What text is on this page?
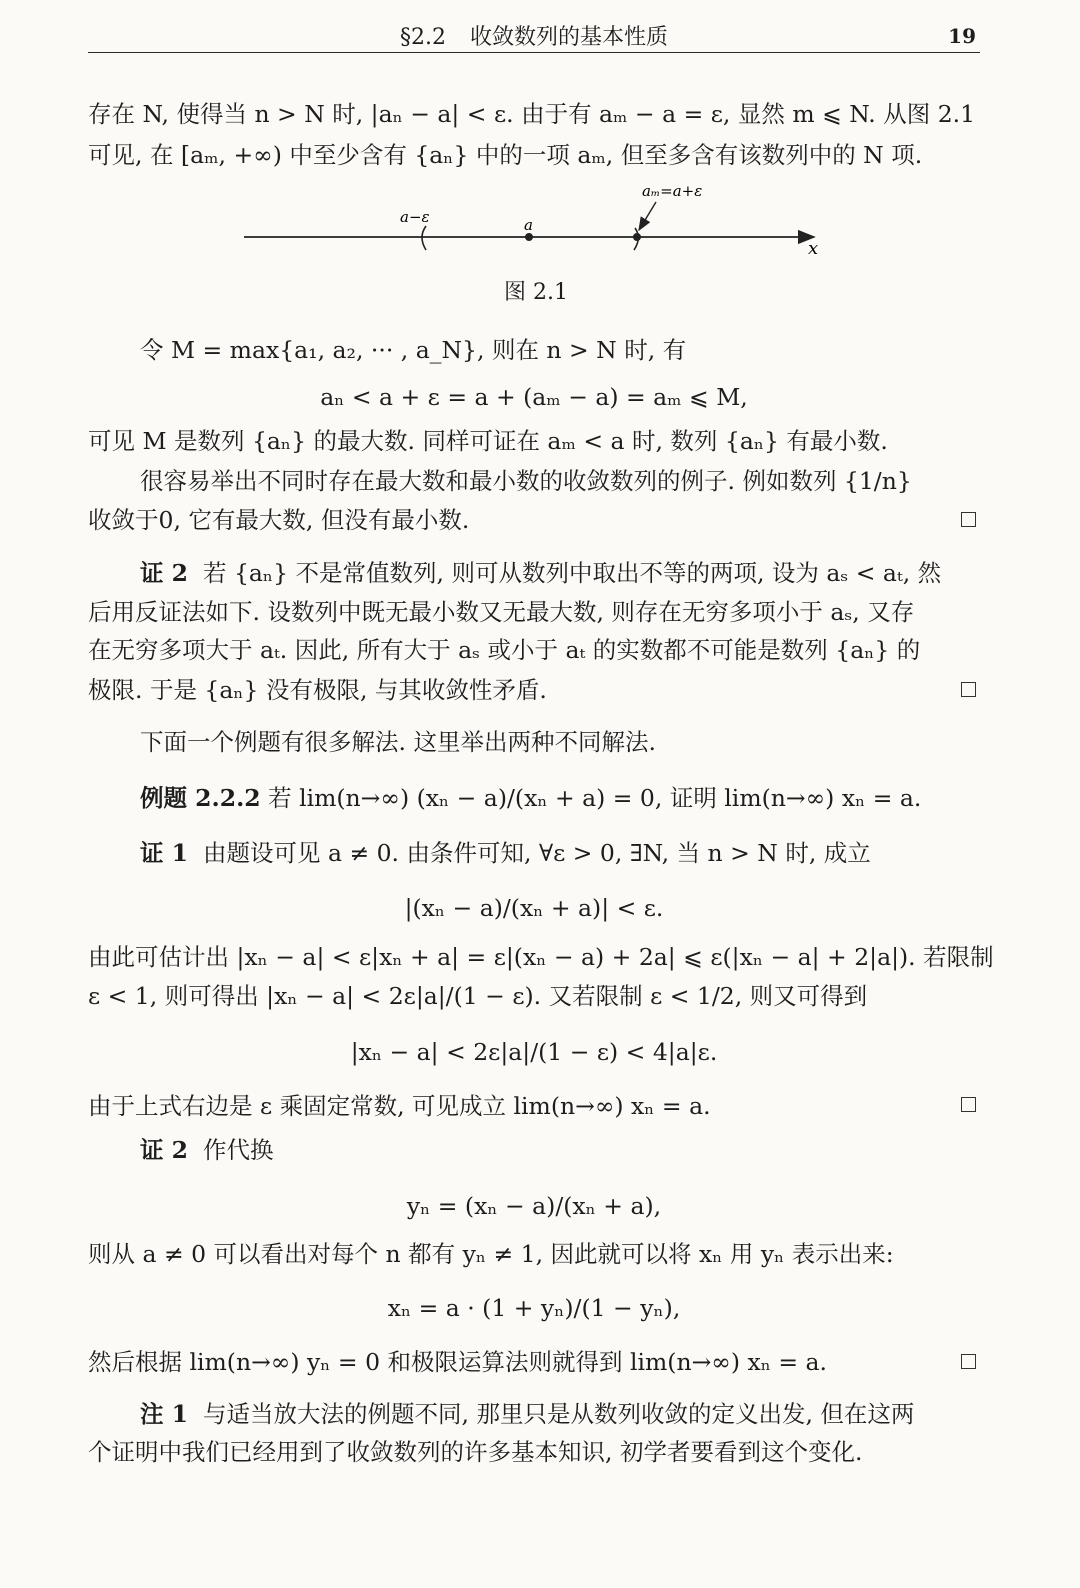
§2.2 收敛数列的基本性质	19
存在 N, 使得当 n > N 时, |aₙ − a| < ε. 由于有 aₘ − a = ε, 显然 m ⩽ N. 从图 2.1
可见, 在 [aₘ, +∞) 中至少含有 {aₙ} 中的一项 aₘ, 但至多含有该数列中的 N 项.
a−ε	a
aₘ=a+ε
x
图 2.1
令 M = max{a₁, a₂, ··· , a_N}, 则在 n > N 时, 有
aₙ < a + ε = a + (aₘ − a) = aₘ ⩽ M,
可见 M 是数列 {aₙ} 的最大数. 同样可证在 aₘ < a 时, 数列 {aₙ} 有最小数.
很容易举出不同时存在最大数和最小数的收敛数列的例子. 例如数列 {1/n}
收敛于0, 它有最大数, 但没有最小数.
证 2 若 {aₙ} 不是常值数列, 则可从数列中取出不等的两项, 设为 aₛ < aₜ, 然
后用反证法如下. 设数列中既无最小数又无最大数, 则存在无穷多项小于 aₛ, 又存
在无穷多项大于 aₜ. 因此, 所有大于 aₛ 或小于 aₜ 的实数都不可能是数列 {aₙ} 的
极限. 于是 {aₙ} 没有极限, 与其收敛性矛盾.
下面一个例题有很多解法. 这里举出两种不同解法.
例题 2.2.2 若 lim(n→∞) (xₙ − a)/(xₙ + a) = 0, 证明 lim(n→∞) xₙ = a.
证 1 由题设可见 a ≠ 0. 由条件可知, ∀ε > 0, ∃N, 当 n > N 时, 成立
|(xₙ − a)/(xₙ + a)| < ε.
由此可估计出 |xₙ − a| < ε|xₙ + a| = ε|(xₙ − a) + 2a| ⩽ ε(|xₙ − a| + 2|a|). 若限制
ε < 1, 则可得出 |xₙ − a| < 2ε|a|/(1 − ε). 又若限制 ε < 1/2, 则又可得到
|xₙ − a| < 2ε|a|/(1 − ε) < 4|a|ε.
由于上式右边是 ε 乘固定常数, 可见成立 lim(n→∞) xₙ = a.
证 2 作代换
yₙ = (xₙ − a)/(xₙ + a),
则从 a ≠ 0 可以看出对每个 n 都有 yₙ ≠ 1, 因此就可以将 xₙ 用 yₙ 表示出来:
xₙ = a · (1 + yₙ)/(1 − yₙ),
然后根据 lim(n→∞) yₙ = 0 和极限运算法则就得到 lim(n→∞) xₙ = a.
注 1 与适当放大法的例题不同, 那里只是从数列收敛的定义出发, 但在这两
个证明中我们已经用到了收敛数列的许多基本知识, 初学者要看到这个变化.
